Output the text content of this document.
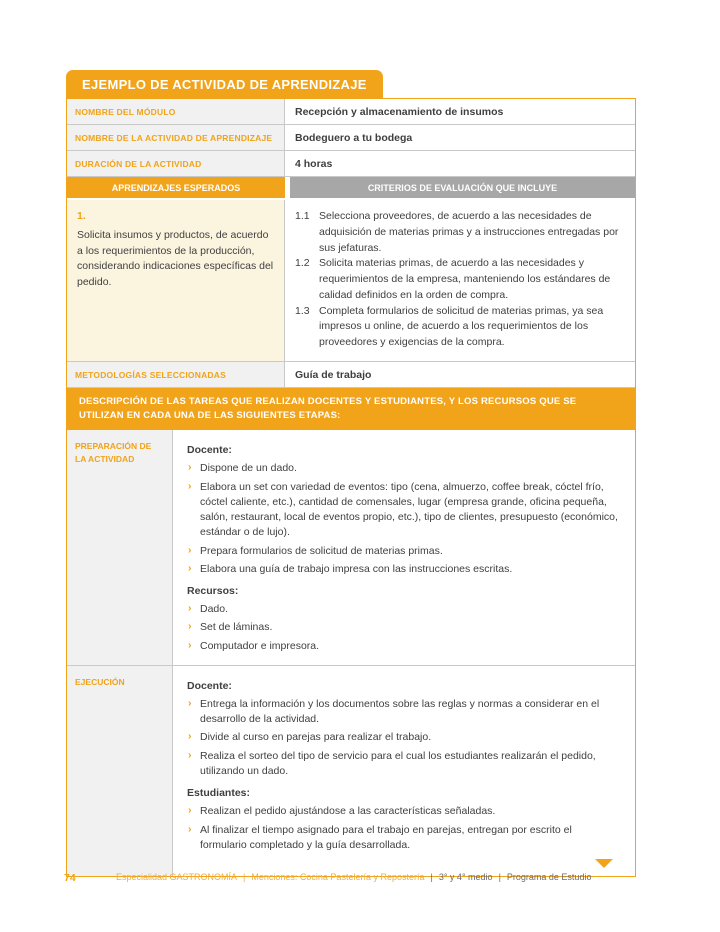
EJEMPLO DE ACTIVIDAD DE APRENDIZAJE
NOMBRE DEL MÓDULO	Recepción y almacenamiento de insumos
NOMBRE DE LA ACTIVIDAD DE APRENDIZAJE	Bodeguero a tu bodega
DURACIÓN DE LA ACTIVIDAD	4 horas
APRENDIZAJES ESPERADOS	CRITERIOS DE EVALUACIÓN QUE INCLUYE
1.
Solicita insumos y productos, de acuerdo a los requerimientos de la producción, considerando indicaciones específicas del pedido.
1.1 Selecciona proveedores, de acuerdo a las necesidades de adquisición de materias primas y a instrucciones entregadas por sus jefaturas.
1.2 Solicita materias primas, de acuerdo a las necesidades y requerimientos de la empresa, manteniendo los estándares de calidad definidos en la orden de compra.
1.3 Completa formularios de solicitud de materias primas, ya sea impresos u online, de acuerdo a los requerimientos de los proveedores y exigencias de la compra.
METODOLOGÍAS SELECCIONADAS	Guía de trabajo
DESCRIPCIÓN DE LAS TAREAS QUE REALIZAN DOCENTES Y ESTUDIANTES, Y LOS RECURSOS QUE SE UTILIZAN EN CADA UNA DE LAS SIGUIENTES ETAPAS:
PREPARACIÓN DE LA ACTIVIDAD
Docente:
› Dispone de un dado.
› Elabora un set con variedad de eventos: tipo (cena, almuerzo, coffee break, cóctel frío, cóctel caliente, etc.), cantidad de comensales, lugar (empresa grande, oficina pequeña, salón, restaurant, local de eventos propio, etc.), tipo de clientes, presupuesto (económico, estándar o de lujo).
› Prepara formularios de solicitud de materias primas.
› Elabora una guía de trabajo impresa con las instrucciones escritas.
Recursos:
› Dado.
› Set de láminas.
› Computador e impresora.
EJECUCIÓN	Docente:
› Entrega la información y los documentos sobre las reglas y normas a considerar en el desarrollo de la actividad.
› Divide al curso en parejas para realizar el trabajo.
› Realiza el sorteo del tipo de servicio para el cual los estudiantes realizarán el pedido, utilizando un dado.
Estudiantes:
› Realizan el pedido ajustándose a las características señaladas.
› Al finalizar el tiempo asignado para el trabajo en parejas, entregan por escrito el formulario completado y la guía desarrollada.
74	Especialidad GASTRONOMÍA | Menciones: Cocina Pastelería y Repostería | 3° y 4° medio | Programa de Estudio
